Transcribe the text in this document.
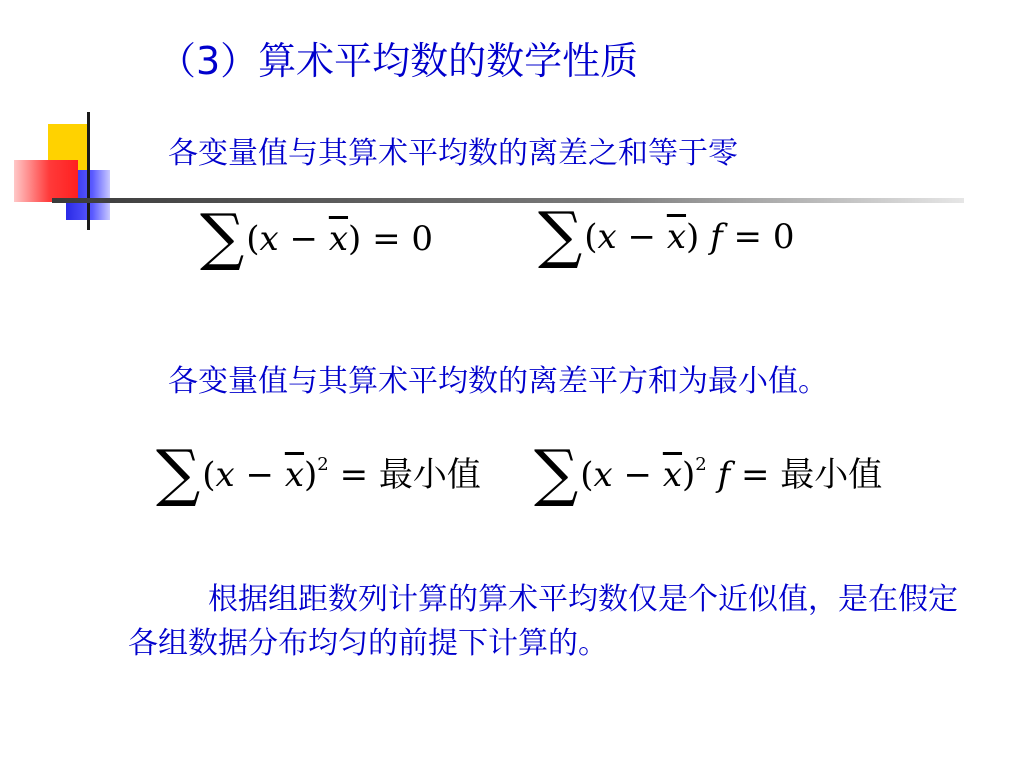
（3）算术平均数的数学性质
各变量值与其算术平均数的离差之和等于零
$\sum(x - \overline{x}) = 0$ $\sum(x - \overline{x})$ f = 0
各变量值与其算术平均数的离差平方和为最小值。
$\sum(x - \overline{x})^2$ = 最小值 $\sum(x - \overline{x})^2$ f = 最小值
根据组距数列计算的算术平均数仅是个近似值，是在假定各组数据分布均匀的前提下计算的。
